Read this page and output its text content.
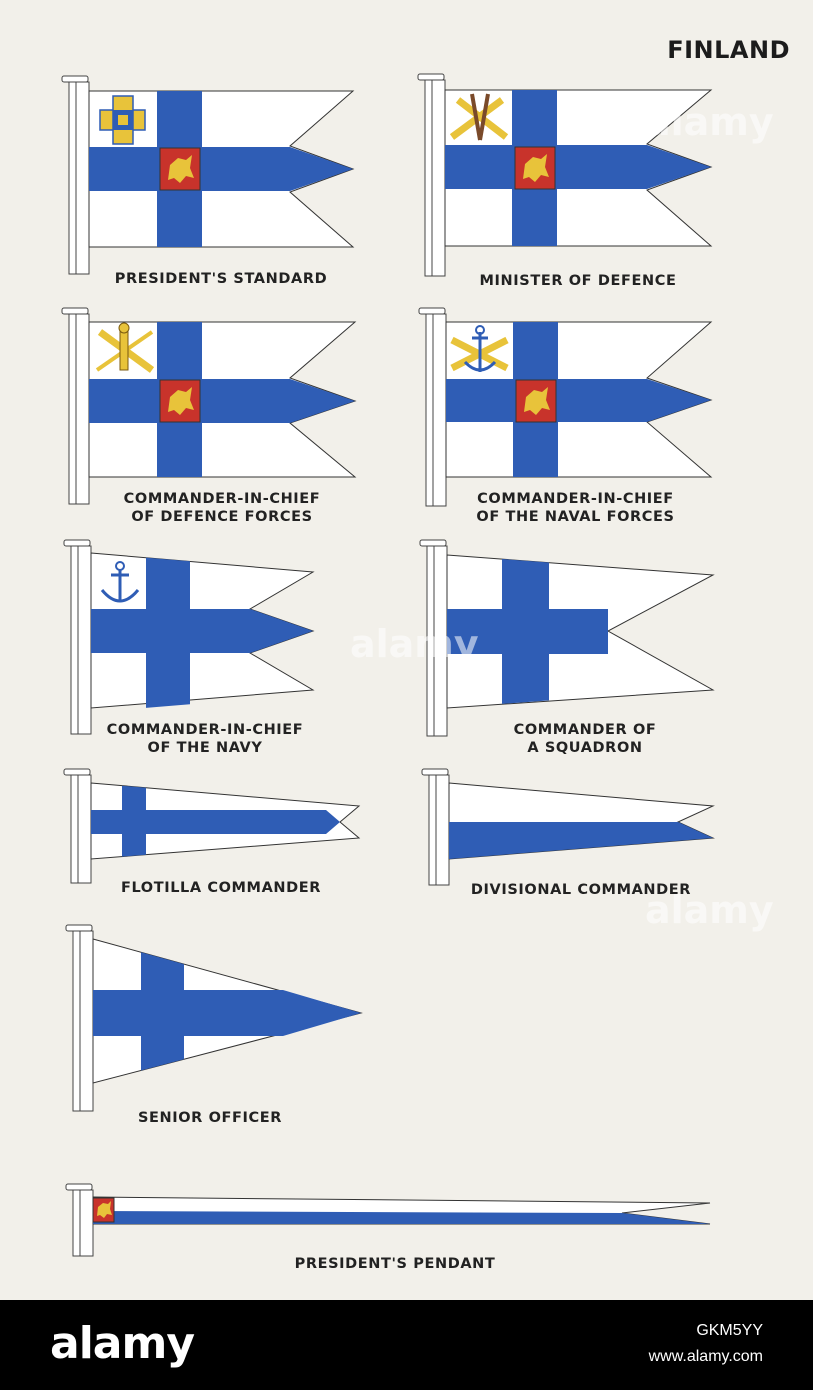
FINLAND
PRESIDENT'S STANDARD	MINISTER OF DEFENCE
COMMANDER-IN-CHIEF
OF DEFENCE FORCES
COMMANDER-IN-CHIEF
OF THE NAVAL FORCES
COMMANDER-IN-CHIEF
OF THE NAVY
COMMANDER OF
A SQUADRON
FLOTILLA COMMANDER	DIVISIONAL COMMANDER
SENIOR OFFICER
PRESIDENT'S PENDANT
alamy
alamy
alamy
alamy	GKM5YY
www.alamy.com
